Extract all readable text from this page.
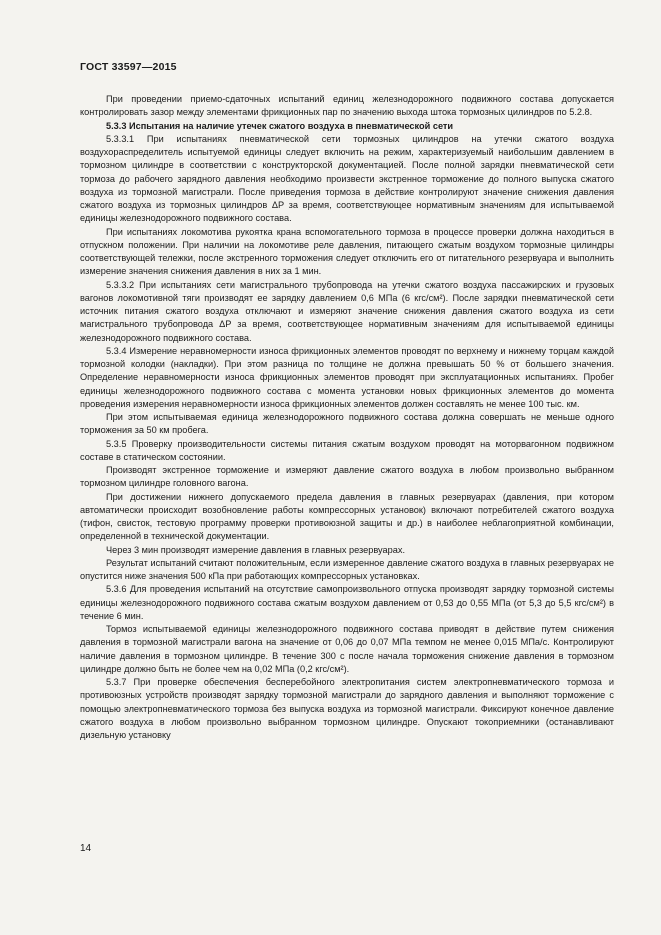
ГОСТ 33597—2015

При проведении приемо-сдаточных испытаний единиц железнодорожного подвижного состава допускается контролировать зазор между элементами фрикционных пар по значению выхода штока тормозных цилиндров по 5.2.8.

5.3.3 Испытания на наличие утечек сжатого воздуха в пневматической сети

5.3.3.1 При испытаниях пневматической сети тормозных цилиндров на утечки сжатого воздуха воздухораспределитель испытуемой единицы следует включить на режим, характеризуемый наибольшим давлением в тормозном цилиндре в соответствии с конструкторской документацией. После полной зарядки пневматической сети тормоза до рабочего зарядного давления необходимо произвести экстренное торможение до полного выпуска сжатого воздуха из тормозной магистрали. После приведения тормоза в действие контролируют значение снижения давления сжатого воздуха из тормозных цилиндров ΔP за время, соответствующее нормативным значениям для испытываемой единицы железнодорожного подвижного состава.

При испытаниях локомотива рукоятка крана вспомогательного тормоза в процессе проверки должна находиться в отпускном положении. При наличии на локомотиве реле давления, питающего сжатым воздухом тормозные цилиндры соответствующей тележки, после экстренного торможения следует отключить его от питательного резервуара и выполнить измерение значения снижения давления в них за 1 мин.

5.3.3.2 При испытаниях сети магистрального трубопровода на утечки сжатого воздуха пассажирских и грузовых вагонов локомотивной тяги производят ее зарядку давлением 0,6 МПа (6 кгс/см²). После зарядки пневматической сети источник питания сжатого воздуха отключают и измеряют значение снижения давления сжатого воздуха из сети магистрального трубопровода ΔP за время, соответствующее нормативным значениям для испытываемой единицы железнодорожного подвижного состава.

5.3.4 Измерение неравномерности износа фрикционных элементов проводят по верхнему и нижнему торцам каждой тормозной колодки (накладки). При этом разница по толщине не должна превышать 50 % от большего значения. Определение неравномерности износа фрикционных элементов проводят при эксплуатационных испытаниях. Пробег единицы железнодорожного подвижного состава с момента установки новых фрикционных элементов до момента проведения измерения неравномерности износа фрикционных элементов должен составлять не менее 100 тыс. км.

При этом испытываемая единица железнодорожного подвижного состава должна совершать не меньше одного торможения за 50 км пробега.

5.3.5 Проверку производительности системы питания сжатым воздухом проводят на моторвагонном подвижном составе в статическом состоянии.

Производят экстренное торможение и измеряют давление сжатого воздуха в любом произвольно выбранном тормозном цилиндре головного вагона.

При достижении нижнего допускаемого предела давления в главных резервуарах (давления, при котором автоматически происходит возобновление работы компрессорных установок) включают потребителей сжатого воздуха (тифон, свисток, тестовую программу проверки противоюзной защиты и др.) в наиболее неблагоприятной комбинации, определенной в технической документации.

Через 3 мин производят измерение давления в главных резервуарах.

Результат испытаний считают положительным, если измеренное давление сжатого воздуха в главных резервуарах не опустится ниже значения 500 кПа при работающих компрессорных установках.

5.3.6 Для проведения испытаний на отсутствие самопроизвольного отпуска производят зарядку тормозной системы единицы железнодорожного подвижного состава сжатым воздухом давлением от 0,53 до 0,55 МПа (от 5,3 до 5,5 кгс/см²) в течение 6 мин.

Тормоз испытываемой единицы железнодорожного подвижного состава приводят в действие путем снижения давления в тормозной магистрали вагона на значение от 0,06 до 0,07 МПа темпом не менее 0,015 МПа/с. Контролируют наличие давления в тормозном цилиндре. В течение 300 с после начала торможения снижение давления в тормозном цилиндре должно быть не более чем на 0,02 МПа (0,2 кгс/см²).

5.3.7 При проверке обеспечения бесперебойного электропитания систем электропневматического тормоза и противоюзных устройств производят зарядку тормозной магистрали до зарядного давления и выполняют торможение с помощью электропневматического тормоза без выпуска воздуха из тормозной магистрали. Фиксируют конечное давление сжатого воздуха в любом произвольно выбранном тормозном цилиндре. Опускают токоприемники (останавливают дизельную установку

14
